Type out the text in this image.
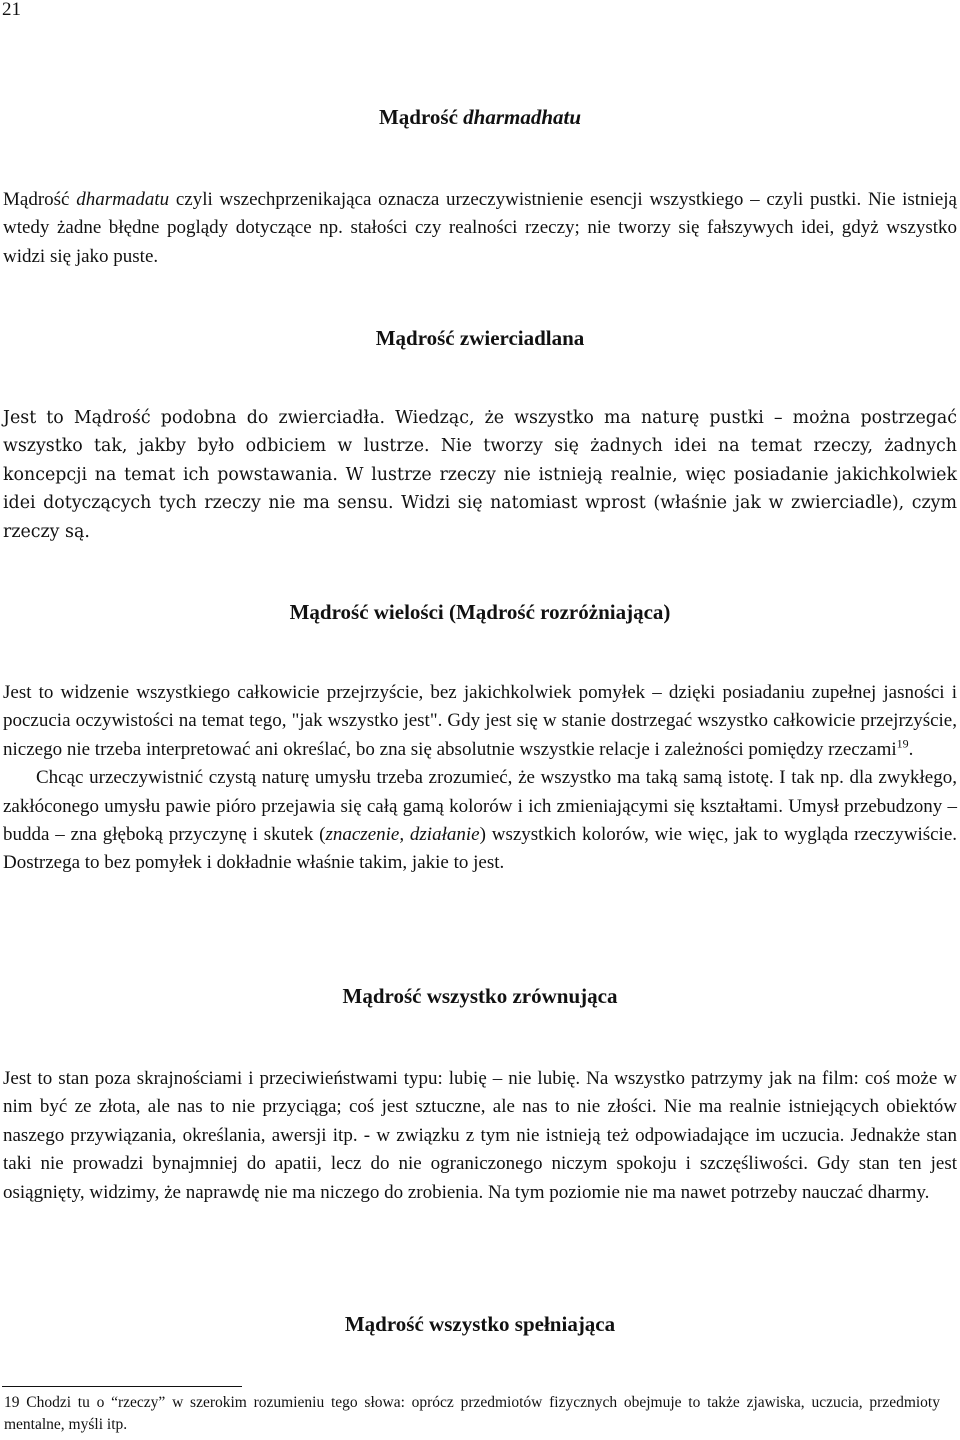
21
Mądrość dharmadhatu

Mądrość dharmadatu czyli wszechprzenikająca oznacza urzeczywistnienie esencji wszystkiego – czyli pustki. Nie istnieją wtedy żadne błędne poglądy dotyczące np. stałości czy realności rzeczy; nie tworzy się fałszywych idei, gdyż wszystko widzi się jako puste.

Mądrość zwierciadlana

Jest to Mądrość podobna do zwierciadła. Wiedząc, że wszystko ma naturę pustki – można postrzegać wszystko tak, jakby było odbiciem w lustrze. Nie tworzy się żadnych idei na temat rzeczy, żadnych koncepcji na temat ich powstawania. W lustrze rzeczy nie istnieją realnie, więc posiadanie jakichkolwiek idei dotyczących tych rzeczy nie ma sensu. Widzi się natomiast wprost (właśnie jak w zwierciadle), czym rzeczy są.

Mądrość wielości (Mądrość rozróżniająca)

Jest to widzenie wszystkiego całkowicie przejrzyście, bez jakichkolwiek pomyłek – dzięki posiadaniu zupełnej jasności i poczucia oczywistości na temat tego, "jak wszystko jest". Gdy jest się w stanie dostrzegać wszystko całkowicie przejrzyście, niczego nie trzeba interpretować ani określać, bo zna się absolutnie wszystkie relacje i zależności pomiędzy rzeczami$^{19}$.

Chcąc urzeczywistnić czystą naturę umysłu trzeba zrozumieć, że wszystko ma taką samą istotę. I tak np. dla zwykłego, zakłóconego umysłu pawie pióro przejawia się całą gamą kolorów i ich zmieniającymi się kształtami. Umysł przebudzony – budda – zna głęboką przyczynę i skutek (znaczenie, działanie) wszystkich kolorów, wie więc, jak to wygląda rzeczywiście. Dostrzega to bez pomyłek i dokładnie właśnie takim, jakie to jest.

Mądrość wszystko zrównująca

Jest to stan poza skrajnościami i przeciwieństwami typu: lubię – nie lubię. Na wszystko patrzymy jak na film: coś może w nim być ze złota, ale nas to nie przyciąga; coś jest sztuczne, ale nas to nie złości. Nie ma realnie istniejących obiektów naszego przywiązania, określania, awersji itp. - w związku z tym nie istnieją też odpowiadające im uczucia. Jednakże stan taki nie prowadzi bynajmniej do apatii, lecz do nie ograniczonego niczym spokoju i szczęśliwości. Gdy stan ten jest osiągnięty, widzimy, że naprawdę nie ma niczego do zrobienia. Na tym poziomie nie ma nawet potrzeby nauczać dharmy.

Mądrość wszystko spełniająca
19 Chodzi tu o “rzeczy” w szerokim rozumieniu tego słowa: oprócz przedmiotów fizycznych obejmuje to także zjawiska, uczucia, przedmioty mentalne, myśli itp.
